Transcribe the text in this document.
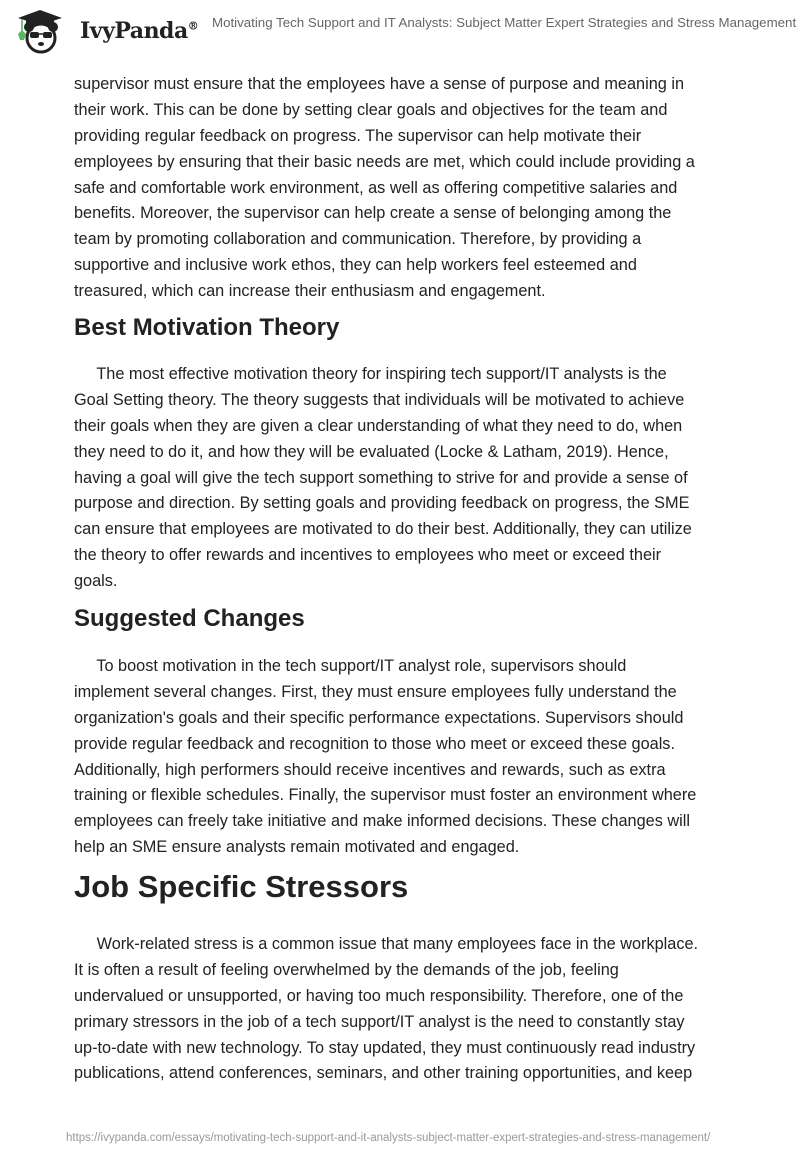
IvyPanda® Motivating Tech Support and IT Analysts: Subject Matter Expert Strategies and Stress Management
supervisor must ensure that the employees have a sense of purpose and meaning in
their work. This can be done by setting clear goals and objectives for the team and
providing regular feedback on progress. The supervisor can help motivate their
employees by ensuring that their basic needs are met, which could include providing a
safe and comfortable work environment, as well as offering competitive salaries and
benefits. Moreover, the supervisor can help create a sense of belonging among the
team by promoting collaboration and communication. Therefore, by providing a
supportive and inclusive work ethos, they can help workers feel esteemed and
treasured, which can increase their enthusiasm and engagement.
Best Motivation Theory
The most effective motivation theory for inspiring tech support/IT analysts is the
Goal Setting theory. The theory suggests that individuals will be motivated to achieve
their goals when they are given a clear understanding of what they need to do, when
they need to do it, and how they will be evaluated (Locke & Latham, 2019). Hence,
having a goal will give the tech support something to strive for and provide a sense of
purpose and direction. By setting goals and providing feedback on progress, the SME
can ensure that employees are motivated to do their best. Additionally, they can utilize
the theory to offer rewards and incentives to employees who meet or exceed their
goals.
Suggested Changes
To boost motivation in the tech support/IT analyst role, supervisors should
implement several changes. First, they must ensure employees fully understand the
organization's goals and their specific performance expectations. Supervisors should
provide regular feedback and recognition to those who meet or exceed these goals.
Additionally, high performers should receive incentives and rewards, such as extra
training or flexible schedules. Finally, the supervisor must foster an environment where
employees can freely take initiative and make informed decisions. These changes will
help an SME ensure analysts remain motivated and engaged.
Job Specific Stressors
Work-related stress is a common issue that many employees face in the workplace.
It is often a result of feeling overwhelmed by the demands of the job, feeling
undervalued or unsupported, or having too much responsibility. Therefore, one of the
primary stressors in the job of a tech support/IT analyst is the need to constantly stay
up-to-date with new technology. To stay updated, they must continuously read industry
publications, attend conferences, seminars, and other training opportunities, and keep
https://ivypanda.com/essays/motivating-tech-support-and-it-analysts-subject-matter-expert-strategies-and-stress-management/
